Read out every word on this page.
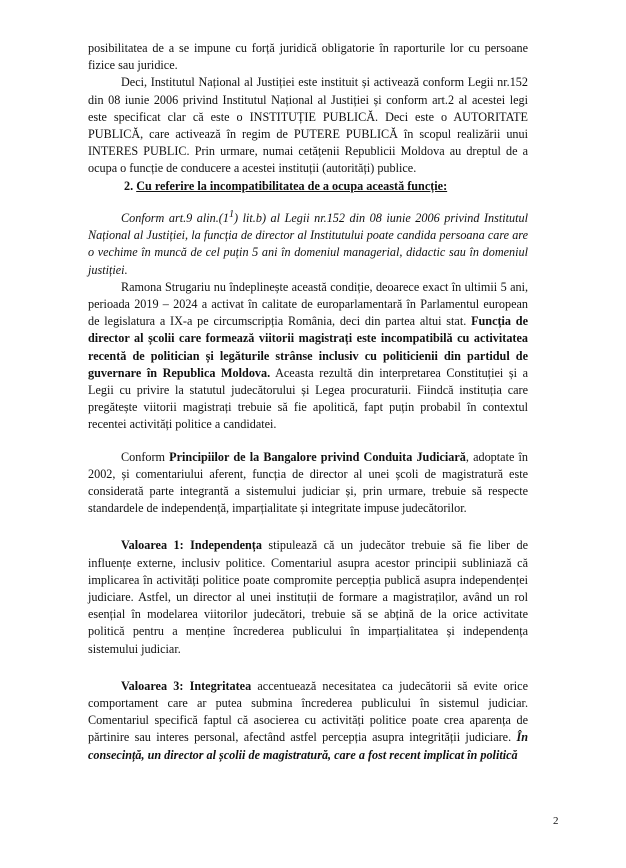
posibilitatea de a se impune cu forță juridică obligatorie în raporturile lor cu persoane fizice sau juridice.

Deci, Institutul Național al Justiției este instituit și activează conform Legii nr.152 din 08 iunie 2006 privind Institutul Național al Justiției și conform art.2 al acestei legi este specificat clar că este o INSTITUȚIE PUBLICĂ. Deci este o AUTORITATE PUBLICĂ, care activează în regim de PUTERE PUBLICĂ în scopul realizării unui INTERES PUBLIC. Prin urmare, numai cetățenii Republicii Moldova au dreptul de a ocupa o funcție de conducere a acestei instituții (autorități) publice.

2. Cu referire la incompatibilitatea de a ocupa această funcție:

Conform art.9 $alin.(1^1)$ lit.b) al Legii nr.152 din 08 iunie 2006 privind Institutul Național al Justiției, la funcția de director al Institutului poate candida persoana care are o vechime în muncă de cel puțin 5 ani în domeniul managerial, didactic sau în domeniul justiției.

Ramona Strugariu nu îndeplinește această condiție, deoarece exact în ultimii 5 ani, perioada 2019 – 2024 a activat în calitate de europarlamentară în Parlamentul european de legislatura a IX-a pe circumscripția România, deci din partea altui stat. Funcția de director al școlii care formează viitorii magistrați este incompatibilă cu activitatea recentă de politician și legăturile strânse inclusiv cu politicienii din partidul de guvernare în Republica Moldova. Aceasta rezultă din interpretarea Constituției și a Legii cu privire la statutul judecătorului și Legea procuraturii. Fiindcă instituția care pregătește viitorii magistrați trebuie să fie apolitică, fapt puțin probabil în contextul recentei activități politice a candidatei.

Conform Principiilor de la Bangalore privind Conduita Judiciară, adoptate în 2002, și comentariului aferent, funcția de director al unei școli de magistratură este considerată parte integrantă a sistemului judiciar și, prin urmare, trebuie să respecte standardele de independență, imparțialitate și integritate impuse judecătorilor.

Valoarea 1: Independența stipulează că un judecător trebuie să fie liber de influențe externe, inclusiv politice. Comentariul asupra acestor principii subliniază că implicarea în activități politice poate compromite percepția publică asupra independenței judiciare. Astfel, un director al unei instituții de formare a magistraților, având un rol esențial în modelarea viitorilor judecători, trebuie să se abțină de la orice activitate politică pentru a menține încrederea publicului în imparțialitatea și independența sistemului judiciar.

Valoarea 3: Integritatea accentuează necesitatea ca judecătorii să evite orice comportament care ar putea submina încrederea publicului în sistemul judiciar. Comentariul specifică faptul că asocierea cu activități politice poate crea aparența de părtinire sau interes personal, afectând astfel percepția asupra integrității judiciare. În consecință, un director al școlii de magistratură, care a fost recent implicat în politică

2
